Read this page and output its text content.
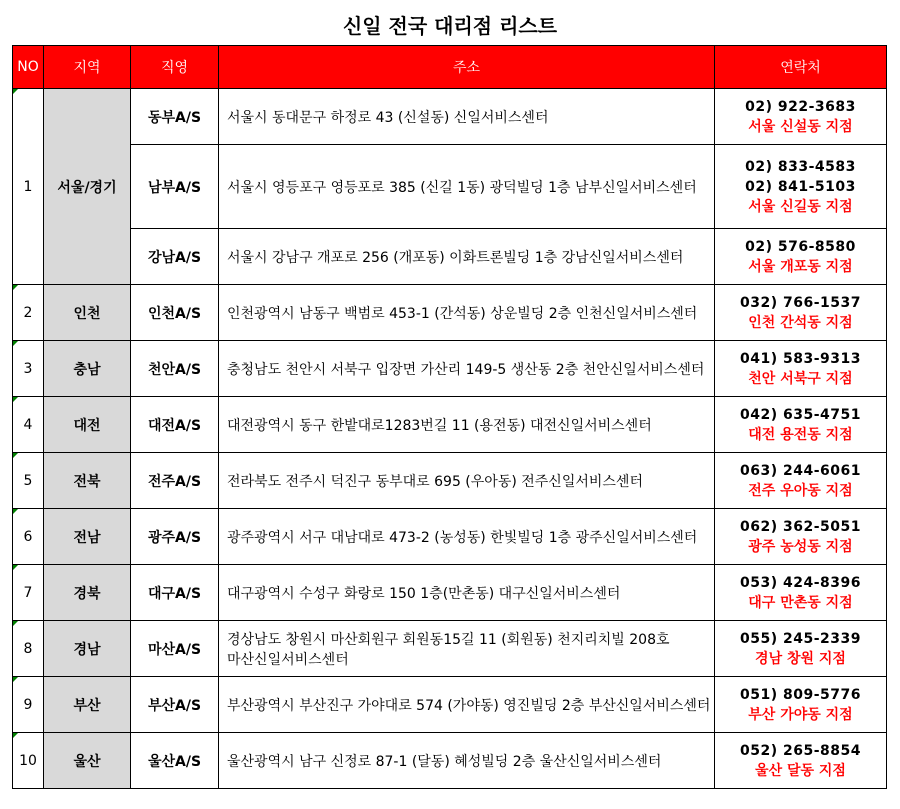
신일 전국 대리점 리스트
NO	지역	직영	주소	연락처

1	서울/경기	동부A/S	서울시 동대문구 하정로 43 (신설동) 신일서비스센터	02) 922-3683
서울 신설동 지점

		남부A/S	서울시 영등포구 영등포로 385 (신길 1동) 광덕빌딩 1층 남부신일서비스센터	02) 833-4583
02) 841-5103
서울 신길동 지점

		강남A/S	서울시 강남구 개포로 256 (개포동) 이화트론빌딩 1층 강남신일서비스센터	02) 576-8580
서울 개포동 지점

2	인천	인천A/S	인천광역시 남동구 백범로 453-1 (간석동) 상운빌딩 2층 인천신일서비스센터	032) 766-1537
인천 간석동 지점

3	충남	천안A/S	충청남도 천안시 서북구 입장면 가산리 149-5 생산동 2층 천안신일서비스센터	041) 583-9313
천안 서북구 지점

4	대전	대전A/S	대전광역시 동구 한밭대로1283번길 11 (용전동) 대전신일서비스센터	042) 635-4751
대전 용전동 지점

5	전북	전주A/S	전라북도 전주시 덕진구 동부대로 695 (우아동) 전주신일서비스센터	063) 244-6061
전주 우아동 지점

6	전남	광주A/S	광주광역시 서구 대남대로 473-2 (농성동) 한빛빌딩 1층 광주신일서비스센터	062) 362-5051
광주 농성동 지점

7	경북	대구A/S	대구광역시 수성구 화랑로 150 1층(만촌동) 대구신일서비스센터	053) 424-8396
대구 만촌동 지점

8	경남	마산A/S	경상남도 창원시 마산회원구 회원동15길 11 (회원동) 천지리치빌 208호
마산신일서비스센터	055) 245-2339
경남 창원 지점

9	부산	부산A/S	부산광역시 부산진구 가야대로 574 (가야동) 영진빌딩 2층 부산신일서비스센터	051) 809-5776
부산 가야동 지점

10	울산	울산A/S	울산광역시 남구 신정로 87-1 (달동) 혜성빌딩 2층 울산신일서비스센터	052) 265-8854
울산 달동 지점
